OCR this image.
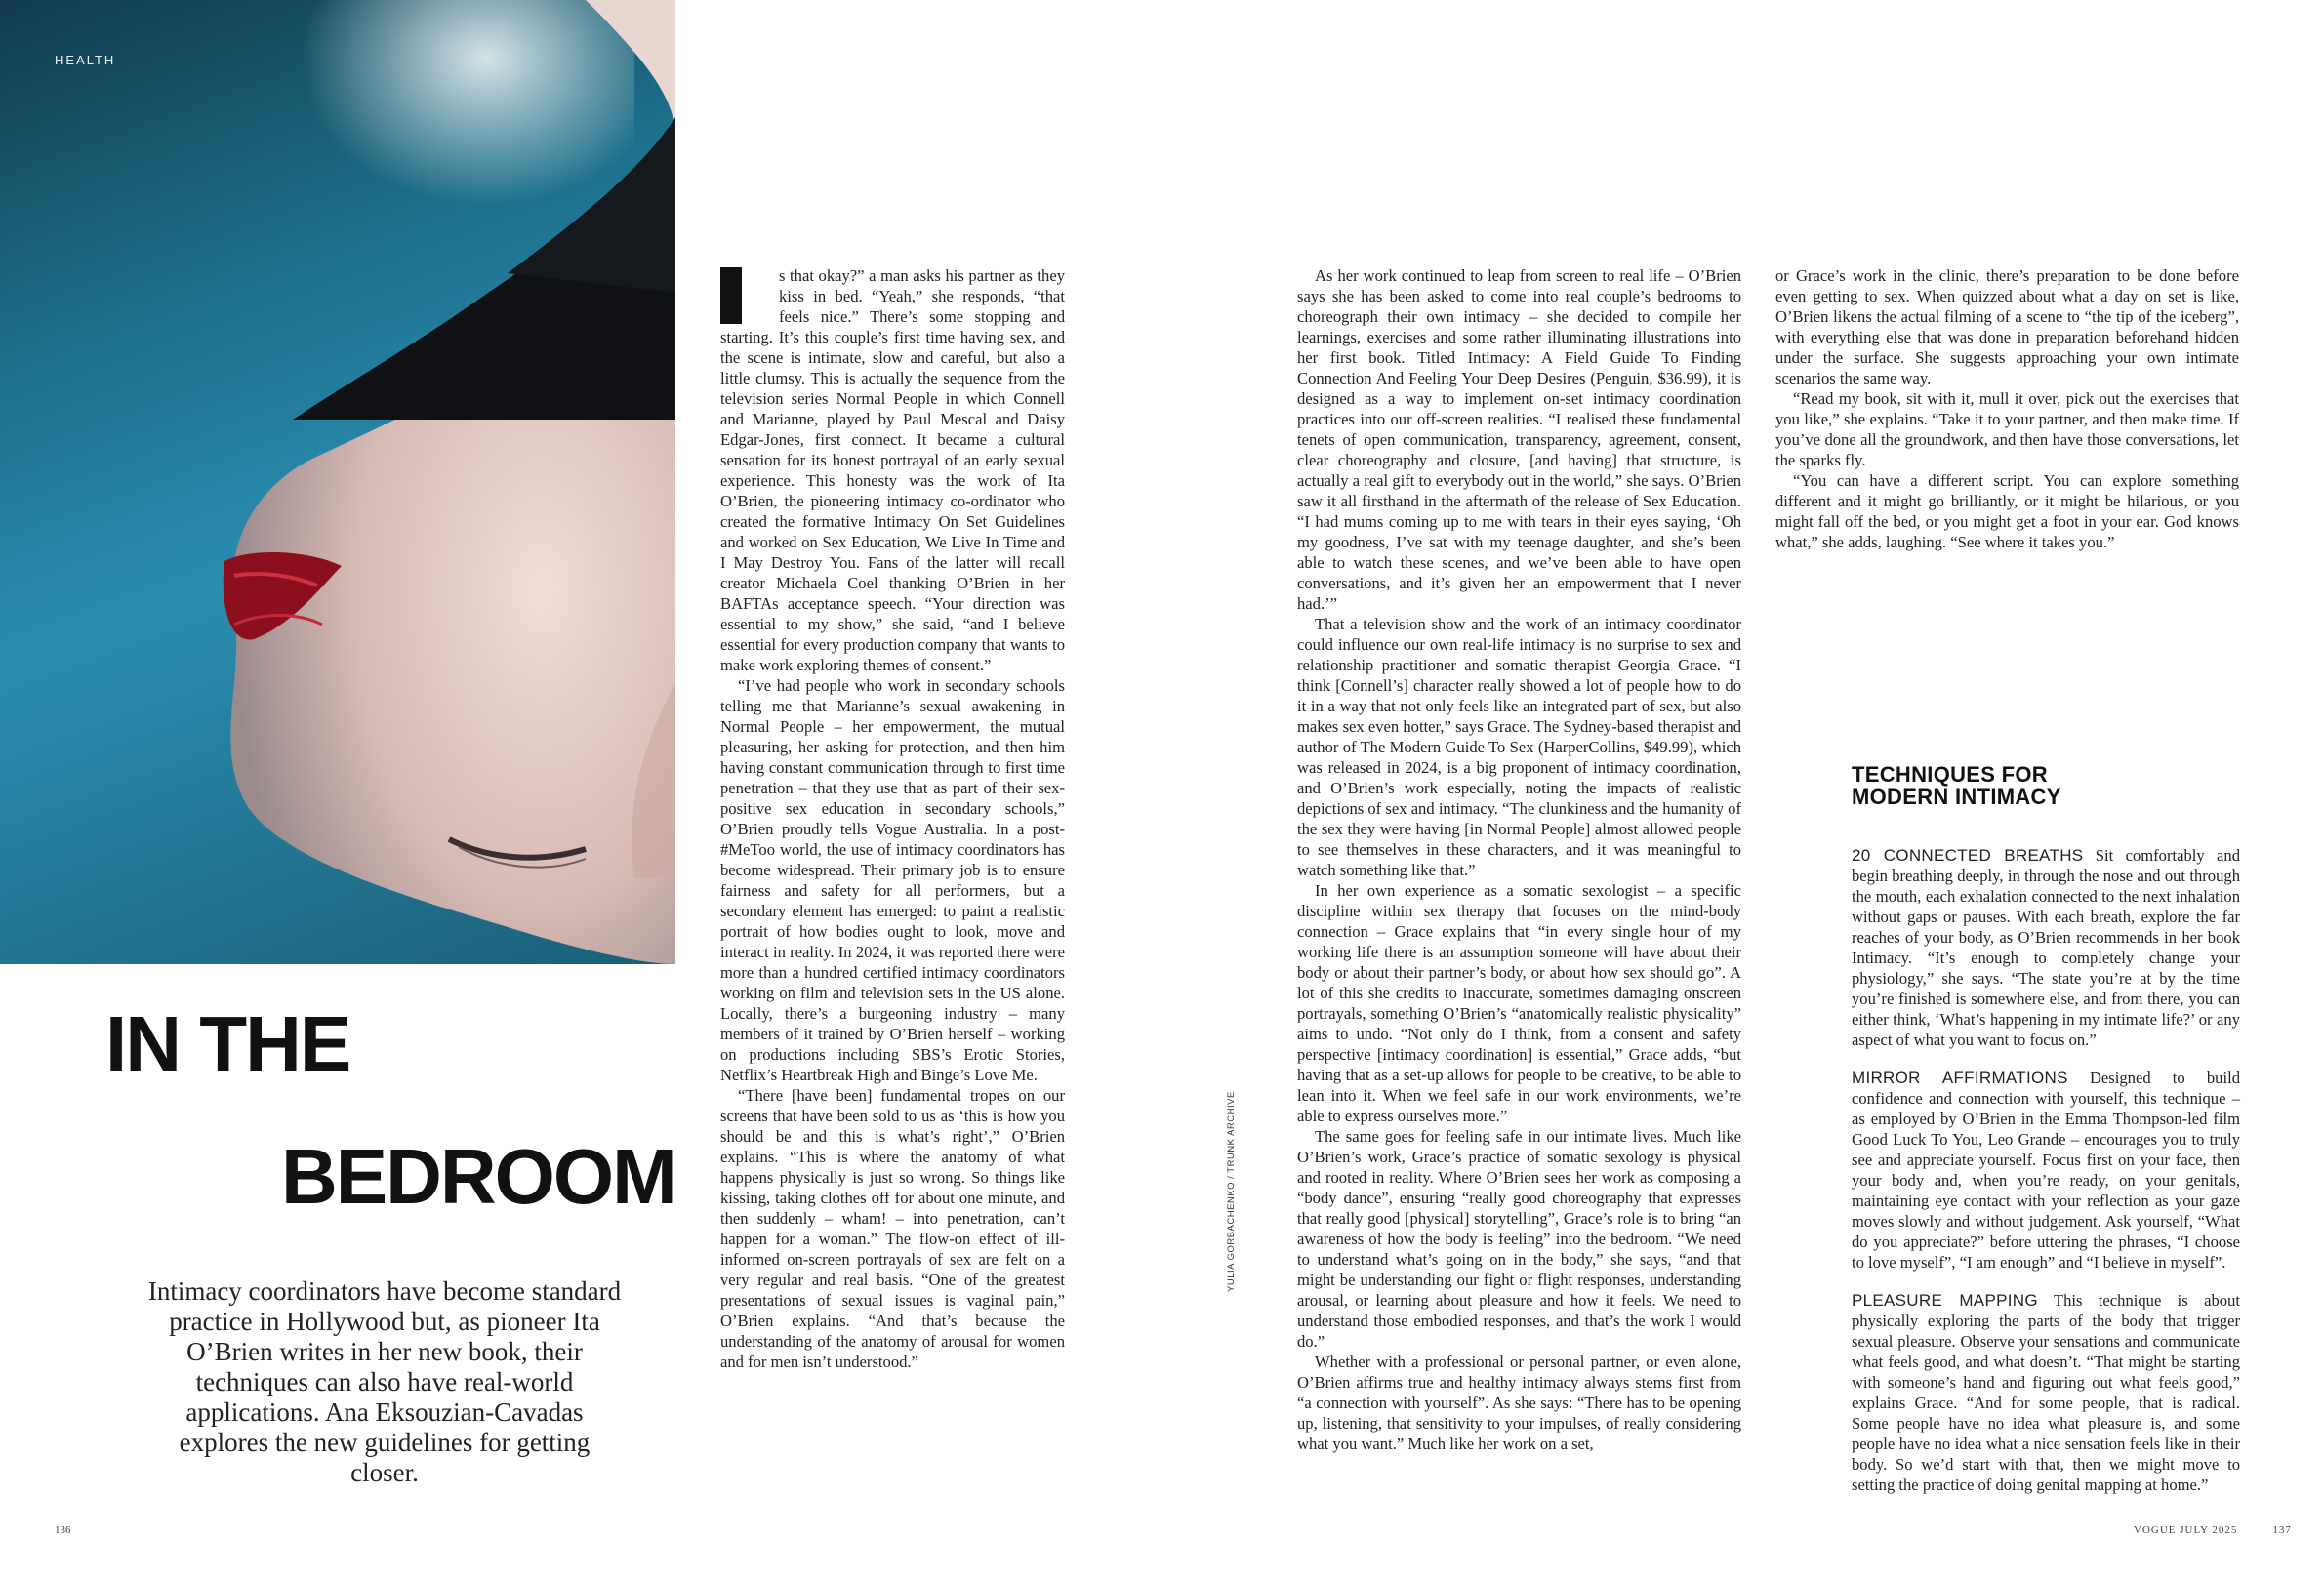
HEALTH
IN THE
BEDROOM
Intimacy coordinators have become standard practice in Hollywood but, as pioneer Ita O’Brien writes in her new book, their techniques can also have real-world applications. Ana Eksouzian-Cavadas explores the new guidelines for getting closer.

s that okay?” a man asks his partner as they kiss in bed. “Yeah,” she responds, “that feels nice.” There’s some stopping and starting. It’s this couple’s first time having sex, and the scene is intimate, slow and careful, but also a little clumsy. This is actually the sequence from the television series Normal People in which Connell and Marianne, played by Paul Mescal and Daisy Edgar-Jones, first connect. It became a cultural sensation for its honest portrayal of an early sexual experience. This honesty was the work of Ita O’Brien, the pioneering intimacy co-ordinator who created the formative Intimacy On Set Guidelines and worked on Sex Education, We Live In Time and I May Destroy You. Fans of the latter will recall creator Michaela Coel thanking O’Brien in her BAFTAs acceptance speech. “Your direction was essential to my show,” she said, “and I believe essential for every production company that wants to make work exploring themes of consent.”

“I’ve had people who work in secondary schools telling me that Marianne’s sexual awakening in Normal People – her empowerment, the mutual pleasuring, her asking for protection, and then him having constant communication through to first time penetration – that they use that as part of their sex-positive sex education in secondary schools,” O’Brien proudly tells Vogue Australia. In a post-#MeToo world, the use of intimacy coordinators has become widespread. Their primary job is to ensure fairness and safety for all performers, but a secondary element has emerged: to paint a realistic portrait of how bodies ought to look, move and interact in reality. In 2024, it was reported there were more than a hundred certified intimacy coordinators working on film and television sets in the US alone. Locally, there’s a burgeoning industry – many members of it trained by O’Brien herself – working on productions including SBS’s Erotic Stories, Netflix’s Heartbreak High and Binge’s Love Me.

“There [have been] fundamental tropes on our screens that have been sold to us as ‘this is how you should be and this is what’s right’,” O’Brien explains. “This is where the anatomy of what happens physically is just so wrong. So things like kissing, taking clothes off for about one minute, and then suddenly – wham! – into penetration, can’t happen for a woman.” The flow-on effect of ill-informed on-screen portrayals of sex are felt on a very regular and real basis. “One of the greatest presentations of sexual issues is vaginal pain,” O’Brien explains. “And that’s because the understanding of the anatomy of arousal for women and for men isn’t understood.”

YULIA GORBACHENKO / TRUNK ARCHIVE

As her work continued to leap from screen to real life – O’Brien says she has been asked to come into real couple’s bedrooms to choreograph their own intimacy – she decided to compile her learnings, exercises and some rather illuminating illustrations into her first book. Titled Intimacy: A Field Guide To Finding Connection And Feeling Your Deep Desires (Penguin, $36.99), it is designed as a way to implement on-set intimacy coordination practices into our off-screen realities. “I realised these fundamental tenets of open communication, transparency, agreement, consent, clear choreography and closure, [and having] that structure, is actually a real gift to everybody out in the world,” she says. O’Brien saw it all firsthand in the aftermath of the release of Sex Education. “I had mums coming up to me with tears in their eyes saying, ‘Oh my goodness, I’ve sat with my teenage daughter, and she’s been able to watch these scenes, and we’ve been able to have open conversations, and it’s given her an empowerment that I never had.’”

That a television show and the work of an intimacy coordinator could influence our own real-life intimacy is no surprise to sex and relationship practitioner and somatic therapist Georgia Grace. “I think [Connell’s] character really showed a lot of people how to do it in a way that not only feels like an integrated part of sex, but also makes sex even hotter,” says Grace. The Sydney-based therapist and author of The Modern Guide To Sex (HarperCollins, $49.99), which was released in 2024, is a big proponent of intimacy coordination, and O’Brien’s work especially, noting the impacts of realistic depictions of sex and intimacy. “The clunkiness and the humanity of the sex they were having [in Normal People] almost allowed people to see themselves in these characters, and it was meaningful to watch something like that.”

In her own experience as a somatic sexologist – a specific discipline within sex therapy that focuses on the mind-body connection – Grace explains that “in every single hour of my working life there is an assumption someone will have about their body or about their partner’s body, or about how sex should go”. A lot of this she credits to inaccurate, sometimes damaging onscreen portrayals, something O’Brien’s “anatomically realistic physicality” aims to undo. “Not only do I think, from a consent and safety perspective [intimacy coordination] is essential,” Grace adds, “but having that as a set-up allows for people to be creative, to be able to lean into it. When we feel safe in our work environments, we’re able to express ourselves more.”

The same goes for feeling safe in our intimate lives. Much like O’Brien’s work, Grace’s practice of somatic sexology is physical and rooted in reality. Where O’Brien sees her work as composing a “body dance”, ensuring “really good choreography that expresses that really good [physical] storytelling”, Grace’s role is to bring “an awareness of how the body is feeling” into the bedroom. “We need to understand what’s going on in the body,” she says, “and that might be understanding our fight or flight responses, understanding arousal, or learning about pleasure and how it feels. We need to understand those embodied responses, and that’s the work I would do.”

Whether with a professional or personal partner, or even alone, O’Brien affirms true and healthy intimacy always stems first from “a connection with yourself”. As she says: “There has to be opening up, listening, that sensitivity to your impulses, of really considering what you want.” Much like her work on a set,

or Grace’s work in the clinic, there’s preparation to be done before even getting to sex. When quizzed about what a day on set is like, O’Brien likens the actual filming of a scene to “the tip of the iceberg”, with everything else that was done in preparation beforehand hidden under the surface. She suggests approaching your own intimate scenarios the same way.

“Read my book, sit with it, mull it over, pick out the exercises that you like,” she explains. “Take it to your partner, and then make time. If you’ve done all the groundwork, and then have those conversations, let the sparks fly.

“You can have a different script. You can explore something different and it might go brilliantly, or it might be hilarious, or you might fall off the bed, or you might get a foot in your ear. God knows what,” she adds, laughing. “See where it takes you.”

TECHNIQUES FOR
MODERN INTIMACY

20 CONNECTED BREATHS Sit comfortably and begin breathing deeply, in through the nose and out through the mouth, each exhalation connected to the next inhalation without gaps or pauses. With each breath, explore the far reaches of your body, as O’Brien recommends in her book Intimacy. “It’s enough to completely change your physiology,” she says. “The state you’re at by the time you’re finished is somewhere else, and from there, you can either think, ‘What’s happening in my intimate life?’ or any aspect of what you want to focus on.”

MIRROR AFFIRMATIONS Designed to build confidence and connection with yourself, this technique – as employed by O’Brien in the Emma Thompson-led film Good Luck To You, Leo Grande – encourages you to truly see and appreciate yourself. Focus first on your face, then your body and, when you’re ready, on your genitals, maintaining eye contact with your reflection as your gaze moves slowly and without judgement. Ask yourself, “What do you appreciate?” before uttering the phrases, “I choose to love myself”, “I am enough” and “I believe in myself”.

PLEASURE MAPPING This technique is about physically exploring the parts of the body that trigger sexual pleasure. Observe your sensations and communicate what feels good, and what doesn’t. “That might be starting with someone’s hand and figuring out what feels good,” explains Grace. “And for some people, that is radical. Some people have no idea what pleasure is, and some people have no idea what a nice sensation feels like in their body. So we’d start with that, then we might move to setting the practice of doing genital mapping at home.”

136	VOGUE JULY 2025	137
